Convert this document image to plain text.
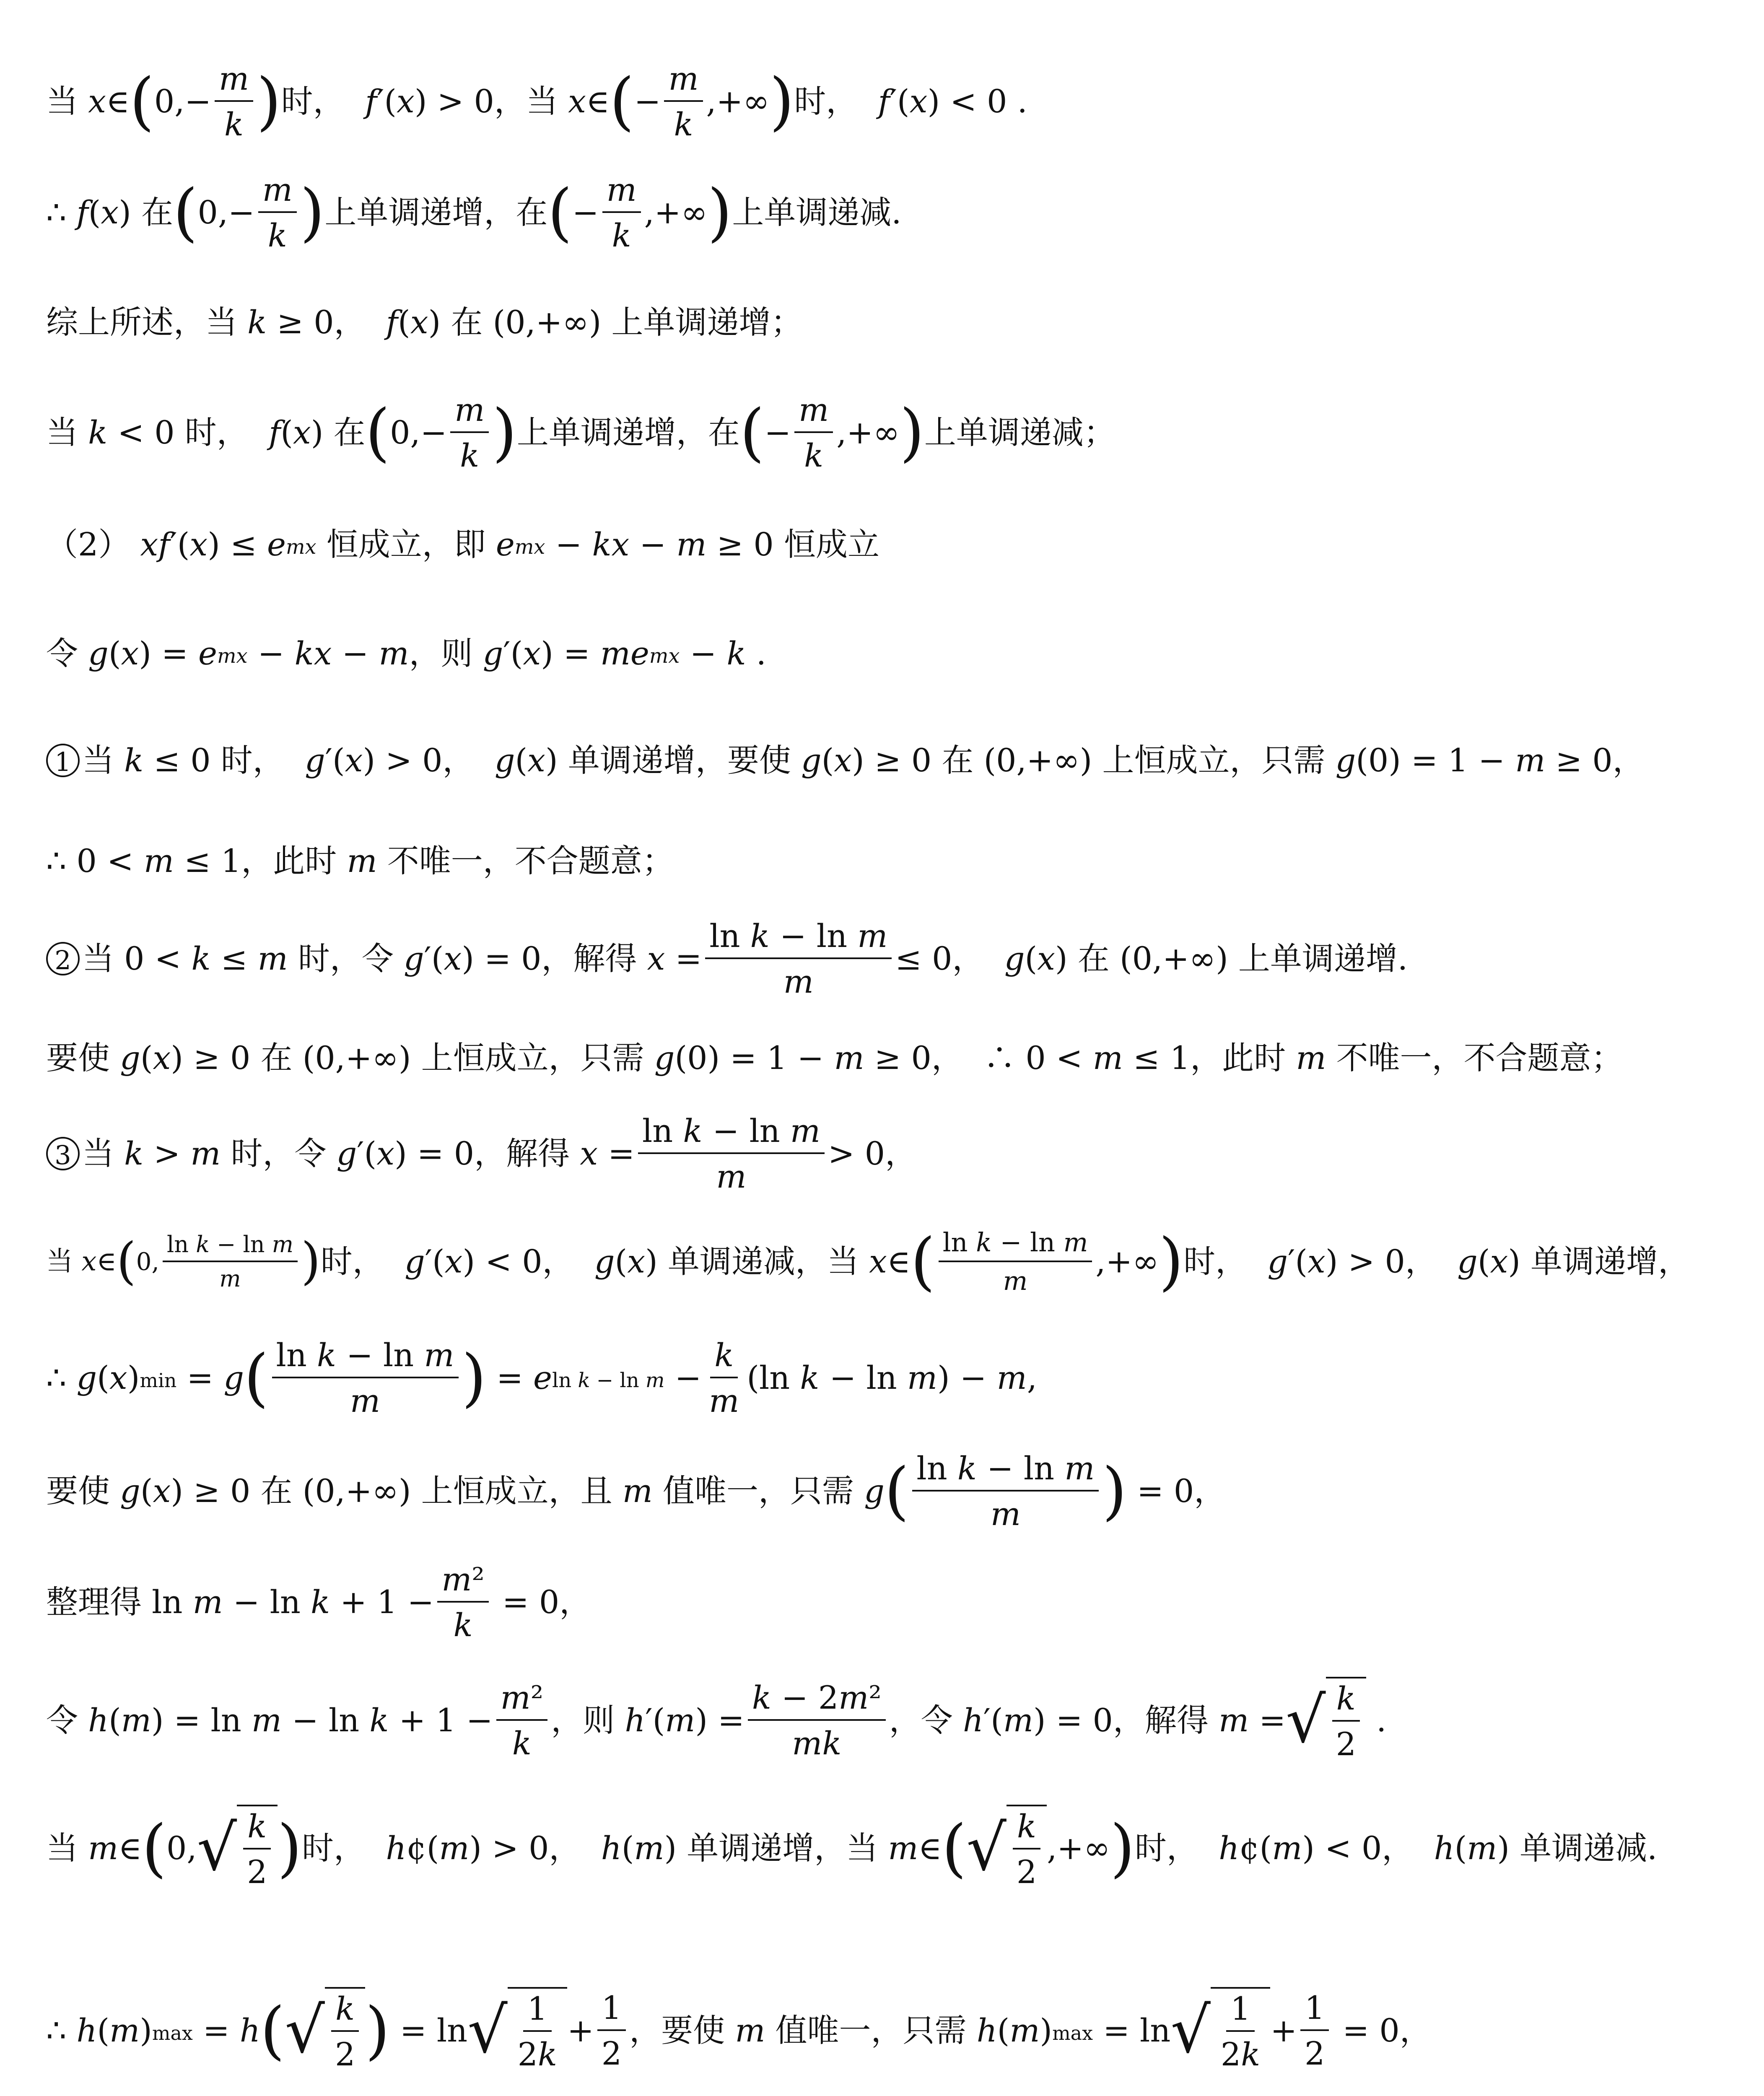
当 x∈(0,− $\frac{m}{k}$ )时，  f′(x) > 0，当 x∈(− $\frac{m}{k}$ ,+∞)时，  f′(x) < 0 .
∴ f(x) 在($0,- \frac{m}{k}$ )上单调递增，在(− $\frac{m}{k}$ ,+∞)上单调递减.
综上所述，当 k ≥ 0，  f(x) 在 (0,+∞) 上单调递增；
当 k < 0 时，  f(x) 在($0,- \frac{m}{k}$ )上单调递增，在(− $\frac{m}{k}$ ,+∞)上单调递减；
（2） xf′(x) ≤ emx 恒成立，即 emx − kx − m ≥ 0 恒成立
令 g(x) = emx − kx − m，则 g′(x) = memx − k .
1 当 k ≤ 0 时，  g′(x) > 0，  g(x) 单调递增，要使 g(x) ≥ 0 在 (0,+∞) 上恒成立，只需 g(0) = 1 − m ≥ 0，
∴ 0 < m ≤ 1，此时 m 不唯一，不合题意；
2 当 0 < k ≤ m 时，令 g′(x) = 0，解得 $x = \frac{\text{ln k − ln m}}{m} \le 0$，  g(x) 在 (0,+∞) 上单调递增.
要使 g(x) ≥ 0 在 (0,+∞) 上恒成立，只需 g(0) = 1 − m ≥ 0，  ∴ 0 < m ≤ 1，此时 m 不唯一，不合题意；
3 当 k > m 时，令 g′(x) = 0，解得 $x = \frac{\text{ln k − ln m}}{m} > 0$，
当 x∈(0, $\frac{\text{ln k − ln m}}{m}$ )时，  g′(x) < 0，  g(x) 单调递减，当 x∈( $\frac{\text{ln k − ln m}}{m}$ ,+∞)时，  g′(x) > 0，  g(x) 单调递增，
∴ $g(x)\min = g( \frac{\text{ln k − ln m}}{m}$ ) = eln $k - \ln m - \frac{k}{m} (\ln$ k − ln m) − m,
要使 g(x) ≥ 0 在 (0,+∞) 上恒成立，且 m 值唯一，只需 $g( \frac{\text{ln k − ln m}}{m}$ ) = 0，
整理得 $\ln m - \ln k + 1 - \frac{\text{m²}}{k} = 0$，
令 $h(m) = \ln m - \ln k + 1 - \frac{\text{m²}}{k}$ ，则 $h'(m) = \frac{\text{k − 2m²}}{mk}$ ，令 h′(m) = 0，解得 m = √ $\frac{k}{2}$ .
当 m∈(0, √ $\frac{k}{2}$ )时，  h¢(m) > 0，  h(m) 单调递增，当 m∈( √ $\frac{k}{2}$ ,+∞)时，  h¢(m) < 0，  h(m) 单调递减.
∴ h(m)max = h( √ $\frac{k}{2}$ ) = ln √ $\frac{1}{2k} + \frac{1}{2}$ ，要使 m 值唯一，只需 h(m)max = ln √ $\frac{1}{2k} + \frac{1}{2} = 0$，
